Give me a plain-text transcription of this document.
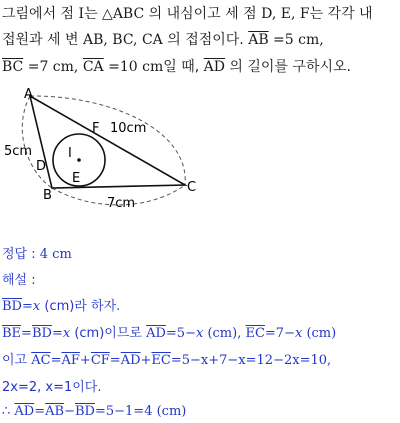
그림에서 점 I는 △ABC 의 내심이고 세 점 D, E, F는 각각 내
접원과 세 변 AB, BC, CA 의 접점이다. $\overline{AB} =5$ cm,
$\overline{BC} =7$ cm, $\overline{CA} =10$ cm일 때, $\overline{AD}$ 의 길이를 구하시오.
A
B
C
D
E
F
I
5cm
10cm
7cm
정답 : 4 cm
해설 :
$\overline{BD}=x$ (cm)라 하자.
$\overline{BE}=\overline{BD}=x$ (cm)이므로 $\overline{AD}=5-x$ (cm), $\overline{EC}=7-x$ (cm)
이고 $\overline{AC}=\overline{AF}+\overline{CF}=\overline{AD}+\overline{EC}=5-x+7-x=12-2x=10$,
2x=2, x=1이다.
∴ $\overline{AD}=\overline{AB}-\overline{BD}=5-1=4$ (cm)
